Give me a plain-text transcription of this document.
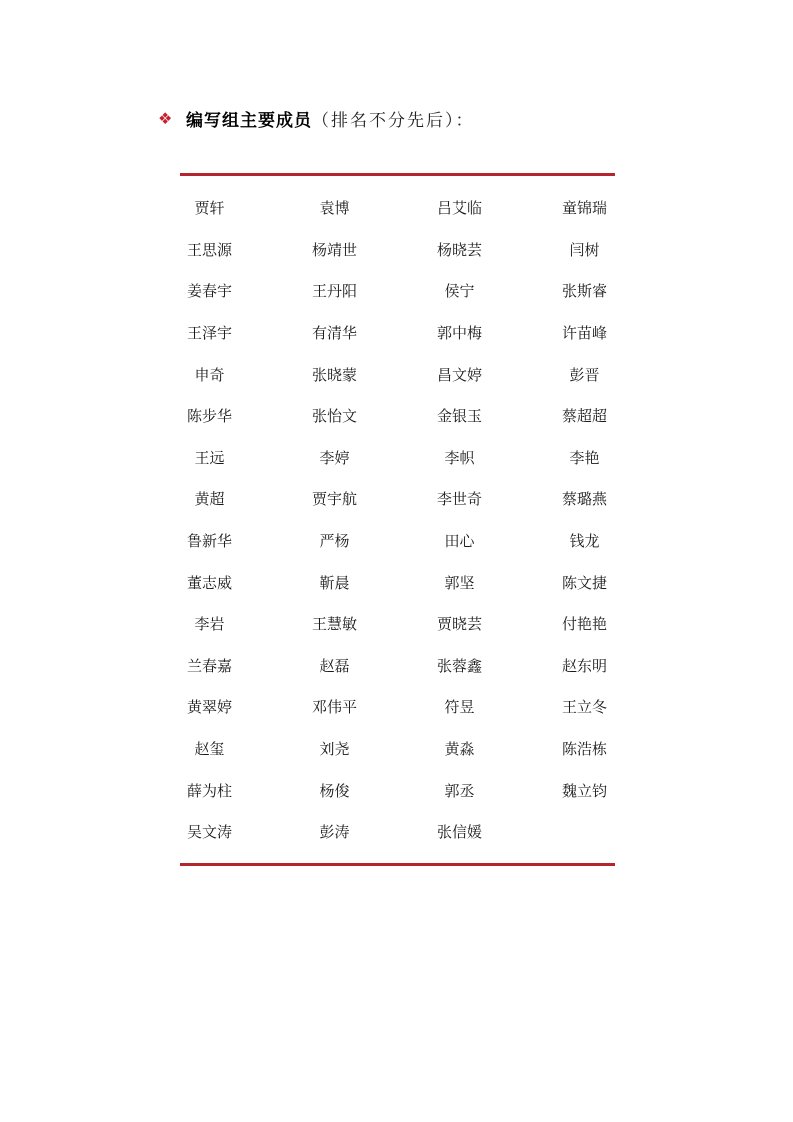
❖ 编写组主要成员 （排名不分先后）：
贾轩	袁博	吕艾临	童锦瑞
王思源	杨靖世	杨晓芸	闫树
姜春宇	王丹阳	侯宁	张斯睿
王泽宇	有清华	郭中梅	许苗峰
申奇	张晓蒙	昌文婷	彭晋
陈步华	张怡文	金银玉	蔡超超
王远	李婷	李帜	李艳
黄超	贾宇航	李世奇	蔡璐燕
鲁新华	严杨	田心	钱龙
董志威	靳晨	郭坚	陈文捷
李岩	王慧敏	贾晓芸	付艳艳
兰春嘉	赵磊	张蓉鑫	赵东明
黄翠婷	邓伟平	符昱	王立冬
赵玺	刘尧	黄淼	陈浩栋
薛为柱	杨俊	郭丞	魏立钧
吴文涛	彭涛	张信媛
